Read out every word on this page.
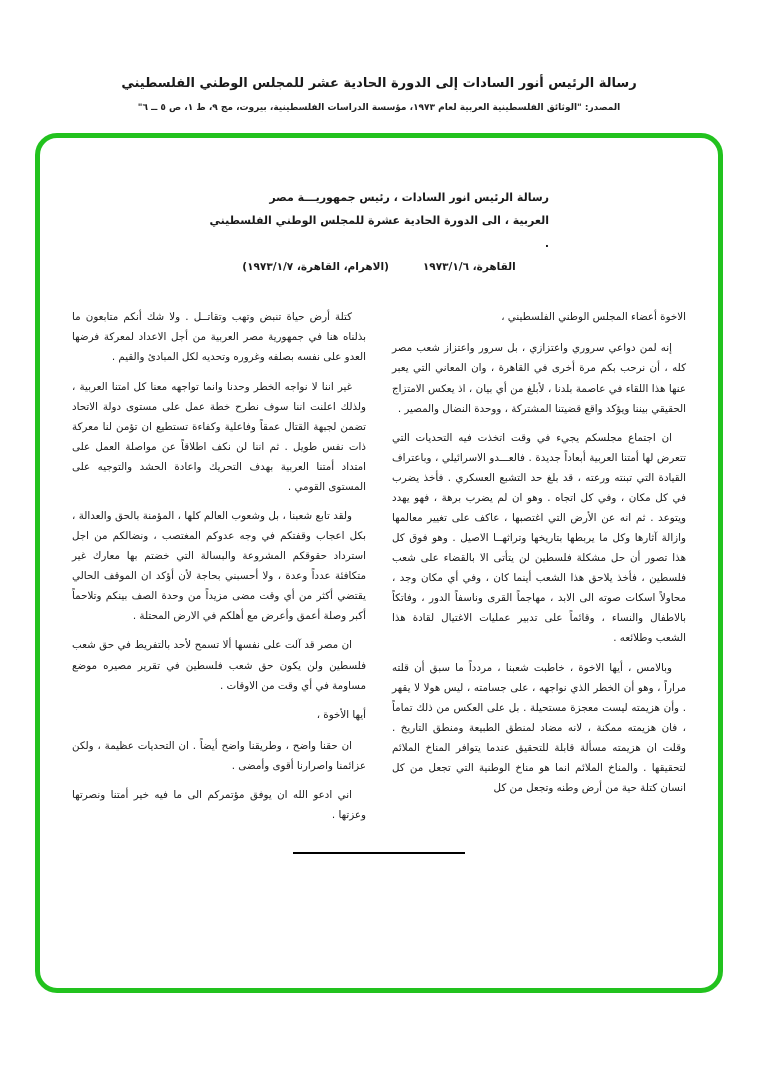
رسالة الرئيس أنور السادات إلى الدورة الحادية عشر للمجلس الوطني الفلسطيني
المصدر: "الوثائق الفلسطينية العربية لعام ١٩٧٣، مؤسسة الدراسات الفلسطينية، بيروت، مج ٩، ط ١، ص ٥ ــ ٦"
رسالة الرئيس انور السادات ، رئيس جمهوريـــة مصر
العربية ، الى الدورة الحادية عشرة للمجلس الوطني الفلسطيني .
القاهرة، ١٩٧٣/١/٦
(الاهرام، القاهرة، ١٩٧٣/١/٧)

الاخوة أعضاء المجلس الوطني الفلسطيني ،

إنه لمن دواعي سروري واعتزازي ، بل سرور واعتزاز شعب مصر كله ، أن نرحب بكم مرة أخرى في القاهرة ، وان المعاني التي يعبر عنها هذا اللقاء في عاصمة بلدنا ، لأبلغ من أي بيان ، اذ يعكس الامتزاج الحقيقي بيننا ويؤكد واقع قضيتنا المشتركة ، ووحدة النضال والمصير .

ان اجتماع مجلسكم يجيء في وقت اتخذت فيه التحديات التي تتعرض لها أمتنا العربية أبعاداً جديدة . فالعـــدو الاسرائيلي ، وباعتراف القيادة التي تبنته ورعته ، قد بلغ حد التشبع العسكري . فأخذ يضرب في كل مكان ، وفي كل اتجاه . وهو ان لم يضرب برهة ، فهو يهدد ويتوعد . ثم انه عن الأرض التي اغتصبها ، عاكف على تغيير معالمها وازالة آثارها وكل ما يربطها بتاريخها وتراثهــا الاصيل . وهو فوق كل هذا تصور أن حل مشكلة فلسطين لن يتأتى الا بالقضاء على شعب فلسطين ، فأخذ يلاحق هذا الشعب أينما كان ، وفي أي مكان وجد ، محاولاً اسكات صوته الى الابد ، مهاجماً القرى وناسفاً الدور ، وفاتكاً بالاطفال والنساء ، وقائماً على تدبير عمليات الاغتيال لقادة هذا الشعب وطلائعه .

وبالامس ، أيها الاخوة ، خاطبت شعبنا ، مردداً ما سبق أن قلته مراراً ، وهو أن الخطر الذي نواجهه ، على جسامته ، ليس هولا لا يقهر . وأن هزيمته ليست معجزة مستحيلة . بل على العكس من ذلك تماماً ، فان هزيمته ممكنة ، لانه مضاد لمنطق الطبيعة ومنطق التاريخ . وقلت ان هزيمته مسألة قابلة للتحقيق عندما يتوافر المناخ الملائم لتحقيقها . والمناخ الملائم انما هو مناخ الوطنية التي تجعل من كل انسان كتلة حية من أرض وطنه وتجعل من كل

كتلة أرض حياة تنبض وتهب وتقاتــل . ولا شك أنكم متابعون ما بذلناه هنا في جمهورية مصر العربية من أجل الاعداد لمعركة فرضها العدو على نفسه بصلفه وغروره وتحديه لكل المبادئ والقيم .

غير اننا لا نواجه الخطر وحدنا وانما تواجهه معنا كل امتنا العربية ، ولذلك اعلنت اننا سوف نطرح خطة عمل على مستوى دولة الاتحاد تضمن لجبهة القتال عمقاً وفاعلية وكفاءة تستطيع ان تؤمن لنا معركة ذات نفس طويل . ثم اننا لن نكف اطلاقاً عن مواصلة العمل على امتداد أمتنا العربية بهدف التحريك واعادة الحشد والتوجيه على المستوى القومي .

ولقد تابع شعبنا ، بل وشعوب العالم كلها ، المؤمنة بالحق والعدالة ، بكل اعجاب وقفتكم في وجه عدوكم المغتصب ، ونضالكم من اجل استرداد حقوقكم المشروعة والبسالة التي خضتم بها معارك غير متكافئة عدداً وعدة ، ولا أحسبني بحاجة لأن أؤكد ان الموقف الحالي يقتضي أكثر من أي وقت مضى مزيداً من وحدة الصف بينكم وتلاحماً أكبر وصلة أعمق وأعرض مع أهلكم في الارض المحتلة .

ان مصر قد آلت على نفسها ألا تسمح لأحد بالتفريط في حق شعب فلسطين ولن يكون حق شعب فلسطين في تقرير مصيره موضع مساومة في أي وقت من الاوقات .

أيها الأخوة ،

ان حقنا واضح ، وطريقنا واضح أيضاً . ان التحديات عظيمة ، ولكن عزائمنا واصرارنا أقوى وأمضى .

اني ادعو الله ان يوفق مؤتمركم الى ما فيه خير أمتنا ونصرتها وعزتها .
